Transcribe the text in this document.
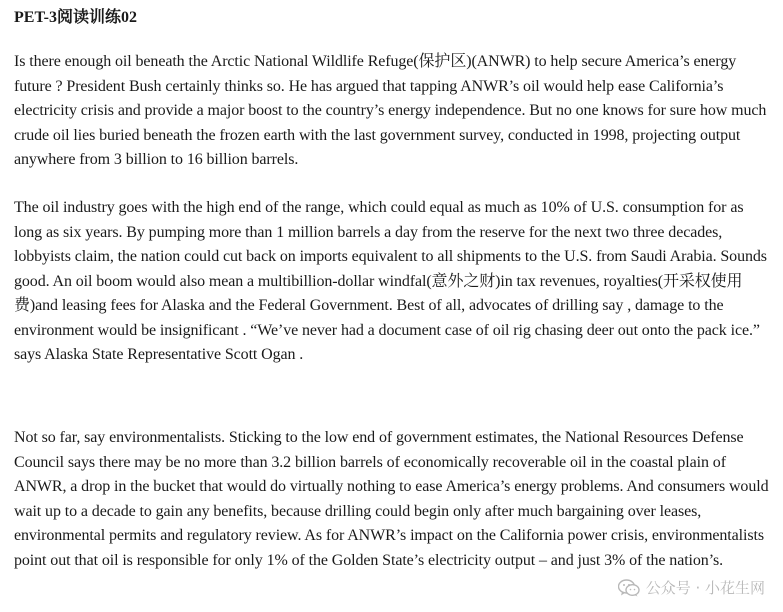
PET-3阅读训练02

Is there enough oil beneath the Arctic National Wildlife Refuge(保护区)(ANWR) to help secure America’s energy future ? President Bush certainly thinks so. He has argued that tapping ANWR’s oil would help ease California’s electricity crisis and provide a major boost to the country’s energy independence. But no one knows for sure how much crude oil lies buried beneath the frozen earth with the last government survey, conducted in 1998, projecting output anywhere from 3 billion to 16 billion barrels.

The oil industry goes with the high end of the range, which could equal as much as 10% of U.S. consumption for as long as six years. By pumping more than 1 million barrels a day from the reserve for the next two three decades, lobbyists claim, the nation could cut back on imports equivalent to all shipments to the U.S. from Saudi Arabia. Sounds good. An oil boom would also mean a multibillion-dollar windfal(意外之财)in tax revenues, royalties(开采权使用费)and leasing fees for Alaska and the Federal Government. Best of all, advocates of drilling say , damage to the environment would be insignificant . “We’ve never had a document case of oil rig chasing deer out onto the pack ice.” says Alaska State Representative Scott Ogan .

Not so far, say environmentalists. Sticking to the low end of government estimates, the National Resources Defense Council says there may be no more than 3.2 billion barrels of economically recoverable oil in the coastal plain of ANWR, a drop in the bucket that would do virtually nothing to ease America’s energy problems. And consumers would wait up to a decade to gain any benefits, because drilling could begin only after much bargaining over leases, environmental permits and regulatory review. As for ANWR’s impact on the California power crisis, environmentalists point out that oil is responsible for only 1% of the Golden State’s electricity output – and just 3% of the nation’s.

公众号 · 小花生网
